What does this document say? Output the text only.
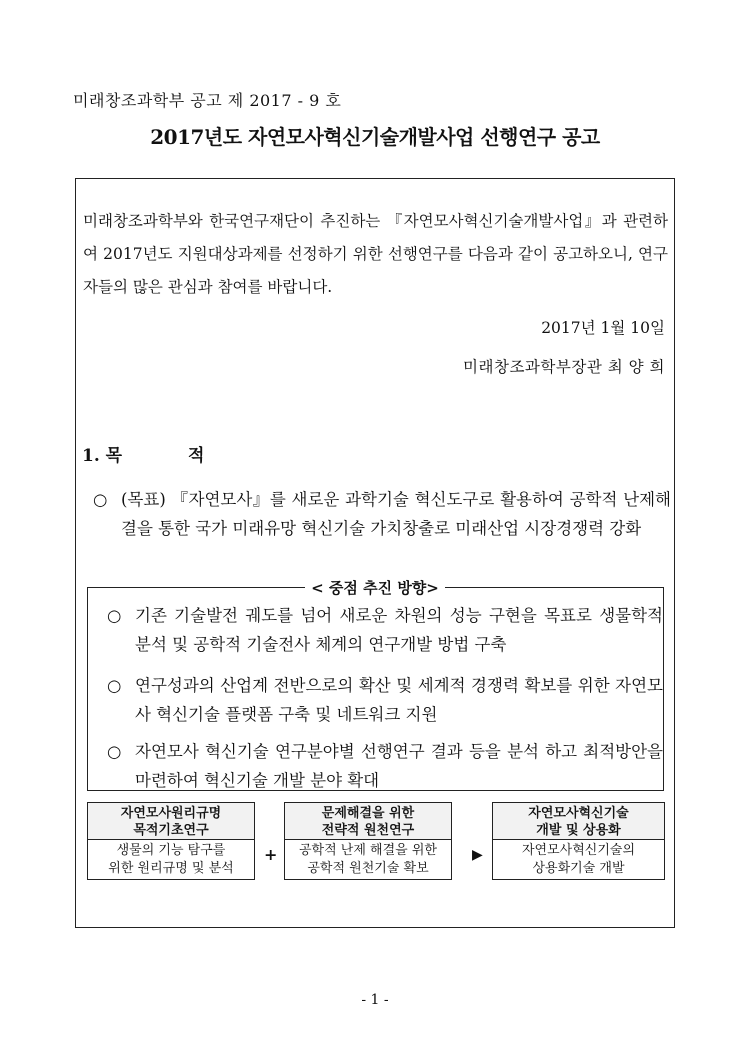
미래창조과학부 공고 제 2017 - 9 호
2017년도 자연모사혁신기술개발사업 선행연구 공고
미래창조과학부와 한국연구재단이 추진하는 『자연모사혁신기술개발사업』과 관련하여 2017년도 지원대상과제를 선정하기 위한 선행연구를 다음과 같이 공고하오니, 연구자들의 많은 관심과 참여를 바랍니다.
2017년 1월 10일
미래창조과학부장관 최 양 희
1. 목 적
○ (목표) 『자연모사』를 새로운 과학기술 혁신도구로 활용하여 공학적 난제해결을 통한 국가 미래유망 혁신기술 가치창출로 미래산업 시장경쟁력 강화
< 중점 추진 방향>
○ 기존 기술발전 궤도를 넘어 새로운 차원의 성능 구현을 목표로 생물학적 분석 및 공학적 기술전사 체계의 연구개발 방법 구축
○ 연구성과의 산업계 전반으로의 확산 및 세계적 경쟁력 확보를 위한 자연모사 혁신기술 플랫폼 구축 및 네트워크 지원
○ 자연모사 혁신기술 연구분야별 선행연구 결과 등을 분석 하고 최적방안을 마련하여 혁신기술 개발 분야 확대
자연모사원리규명
목적기초연구
생물의 기능 탐구를
위한 원리규명 및 분석
+
문제해결을 위한
전략적 원천연구
공학적 난제 해결을 위한
공학적 원천기술 확보
▶
자연모사혁신기술
개발 및 상용화
자연모사혁신기술의
상용화기술 개발
- 1 -
